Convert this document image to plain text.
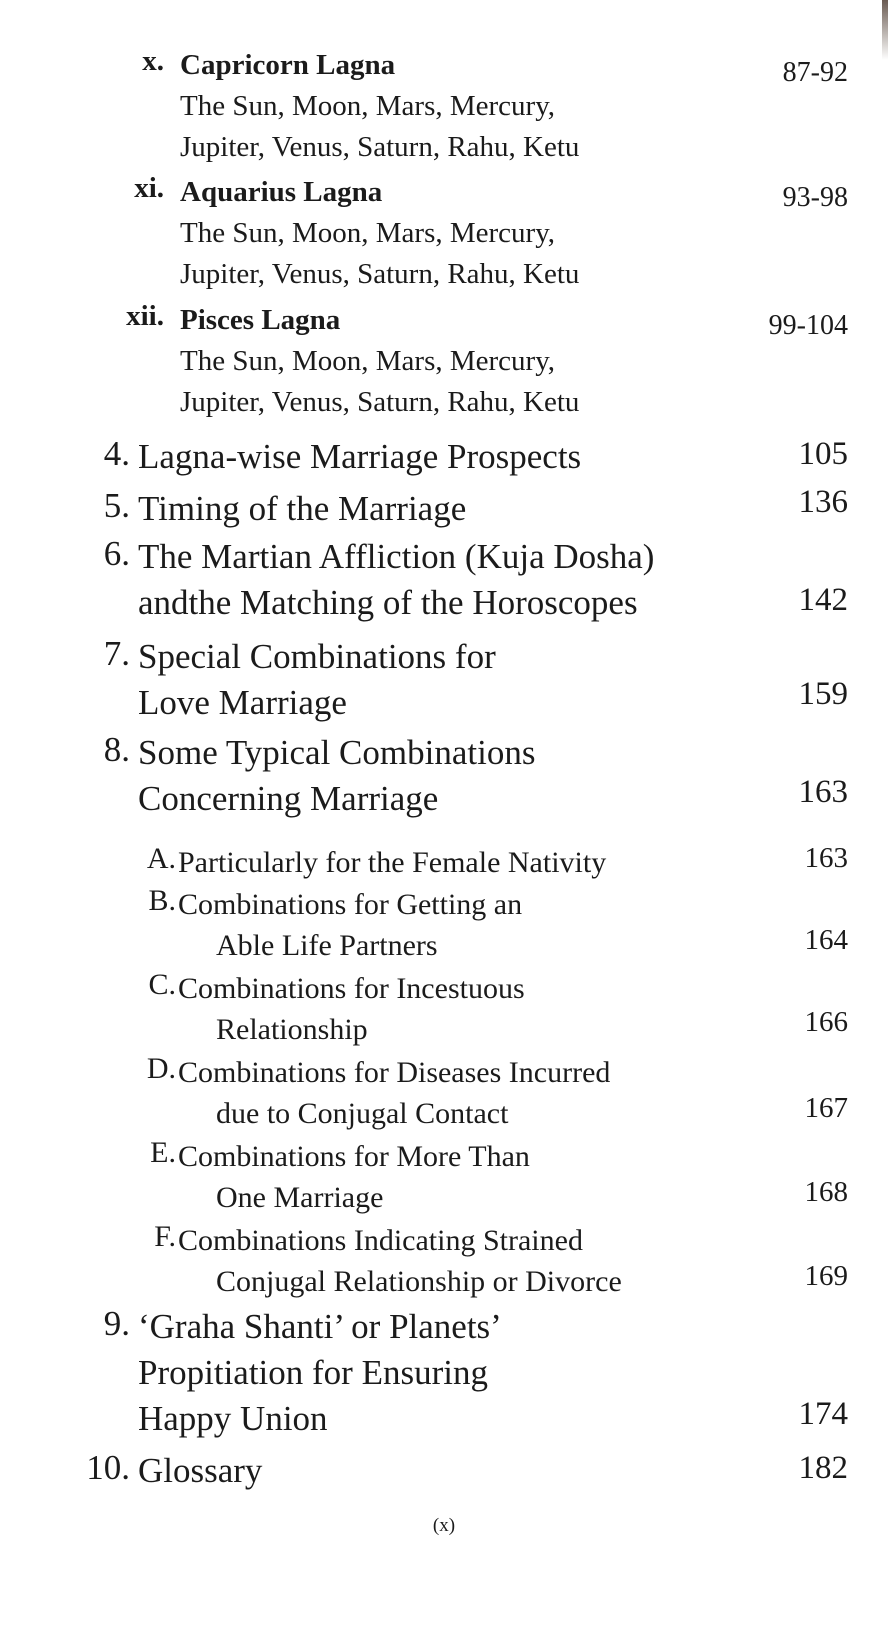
x. Capricorn Lagna
The Sun, Moon, Mars, Mercury,
Jupiter, Venus, Saturn, Rahu, Ketu
87-92
xi. Aquarius Lagna
The Sun, Moon, Mars, Mercury,
Jupiter, Venus, Saturn, Rahu, Ketu
93-98
xii. Pisces Lagna
The Sun, Moon, Mars, Mercury,
Jupiter, Venus, Saturn, Rahu, Ketu
99-104
4. Lagna-wise Marriage Prospects	105
5. Timing of the Marriage	136
6. The Martian Affliction (Kuja Dosha)
andthe Matching of the Horoscopes	142
7. Special Combinations for
Love Marriage	159
8. Some Typical Combinations
Concerning Marriage	163
A. Particularly for the Female Nativity	163
B. Combinations for Getting an
Able Life Partners	164
C. Combinations for Incestuous
Relationship	166
D. Combinations for Diseases Incurred
due to Conjugal Contact	167
E. Combinations for More Than
One Marriage	168
F. Combinations Indicating Strained
Conjugal Relationship or Divorce	169
9. ‘Graha Shanti’ or Planets’
Propitiation for Ensuring
Happy Union	174
10. Glossary	182
(x)
